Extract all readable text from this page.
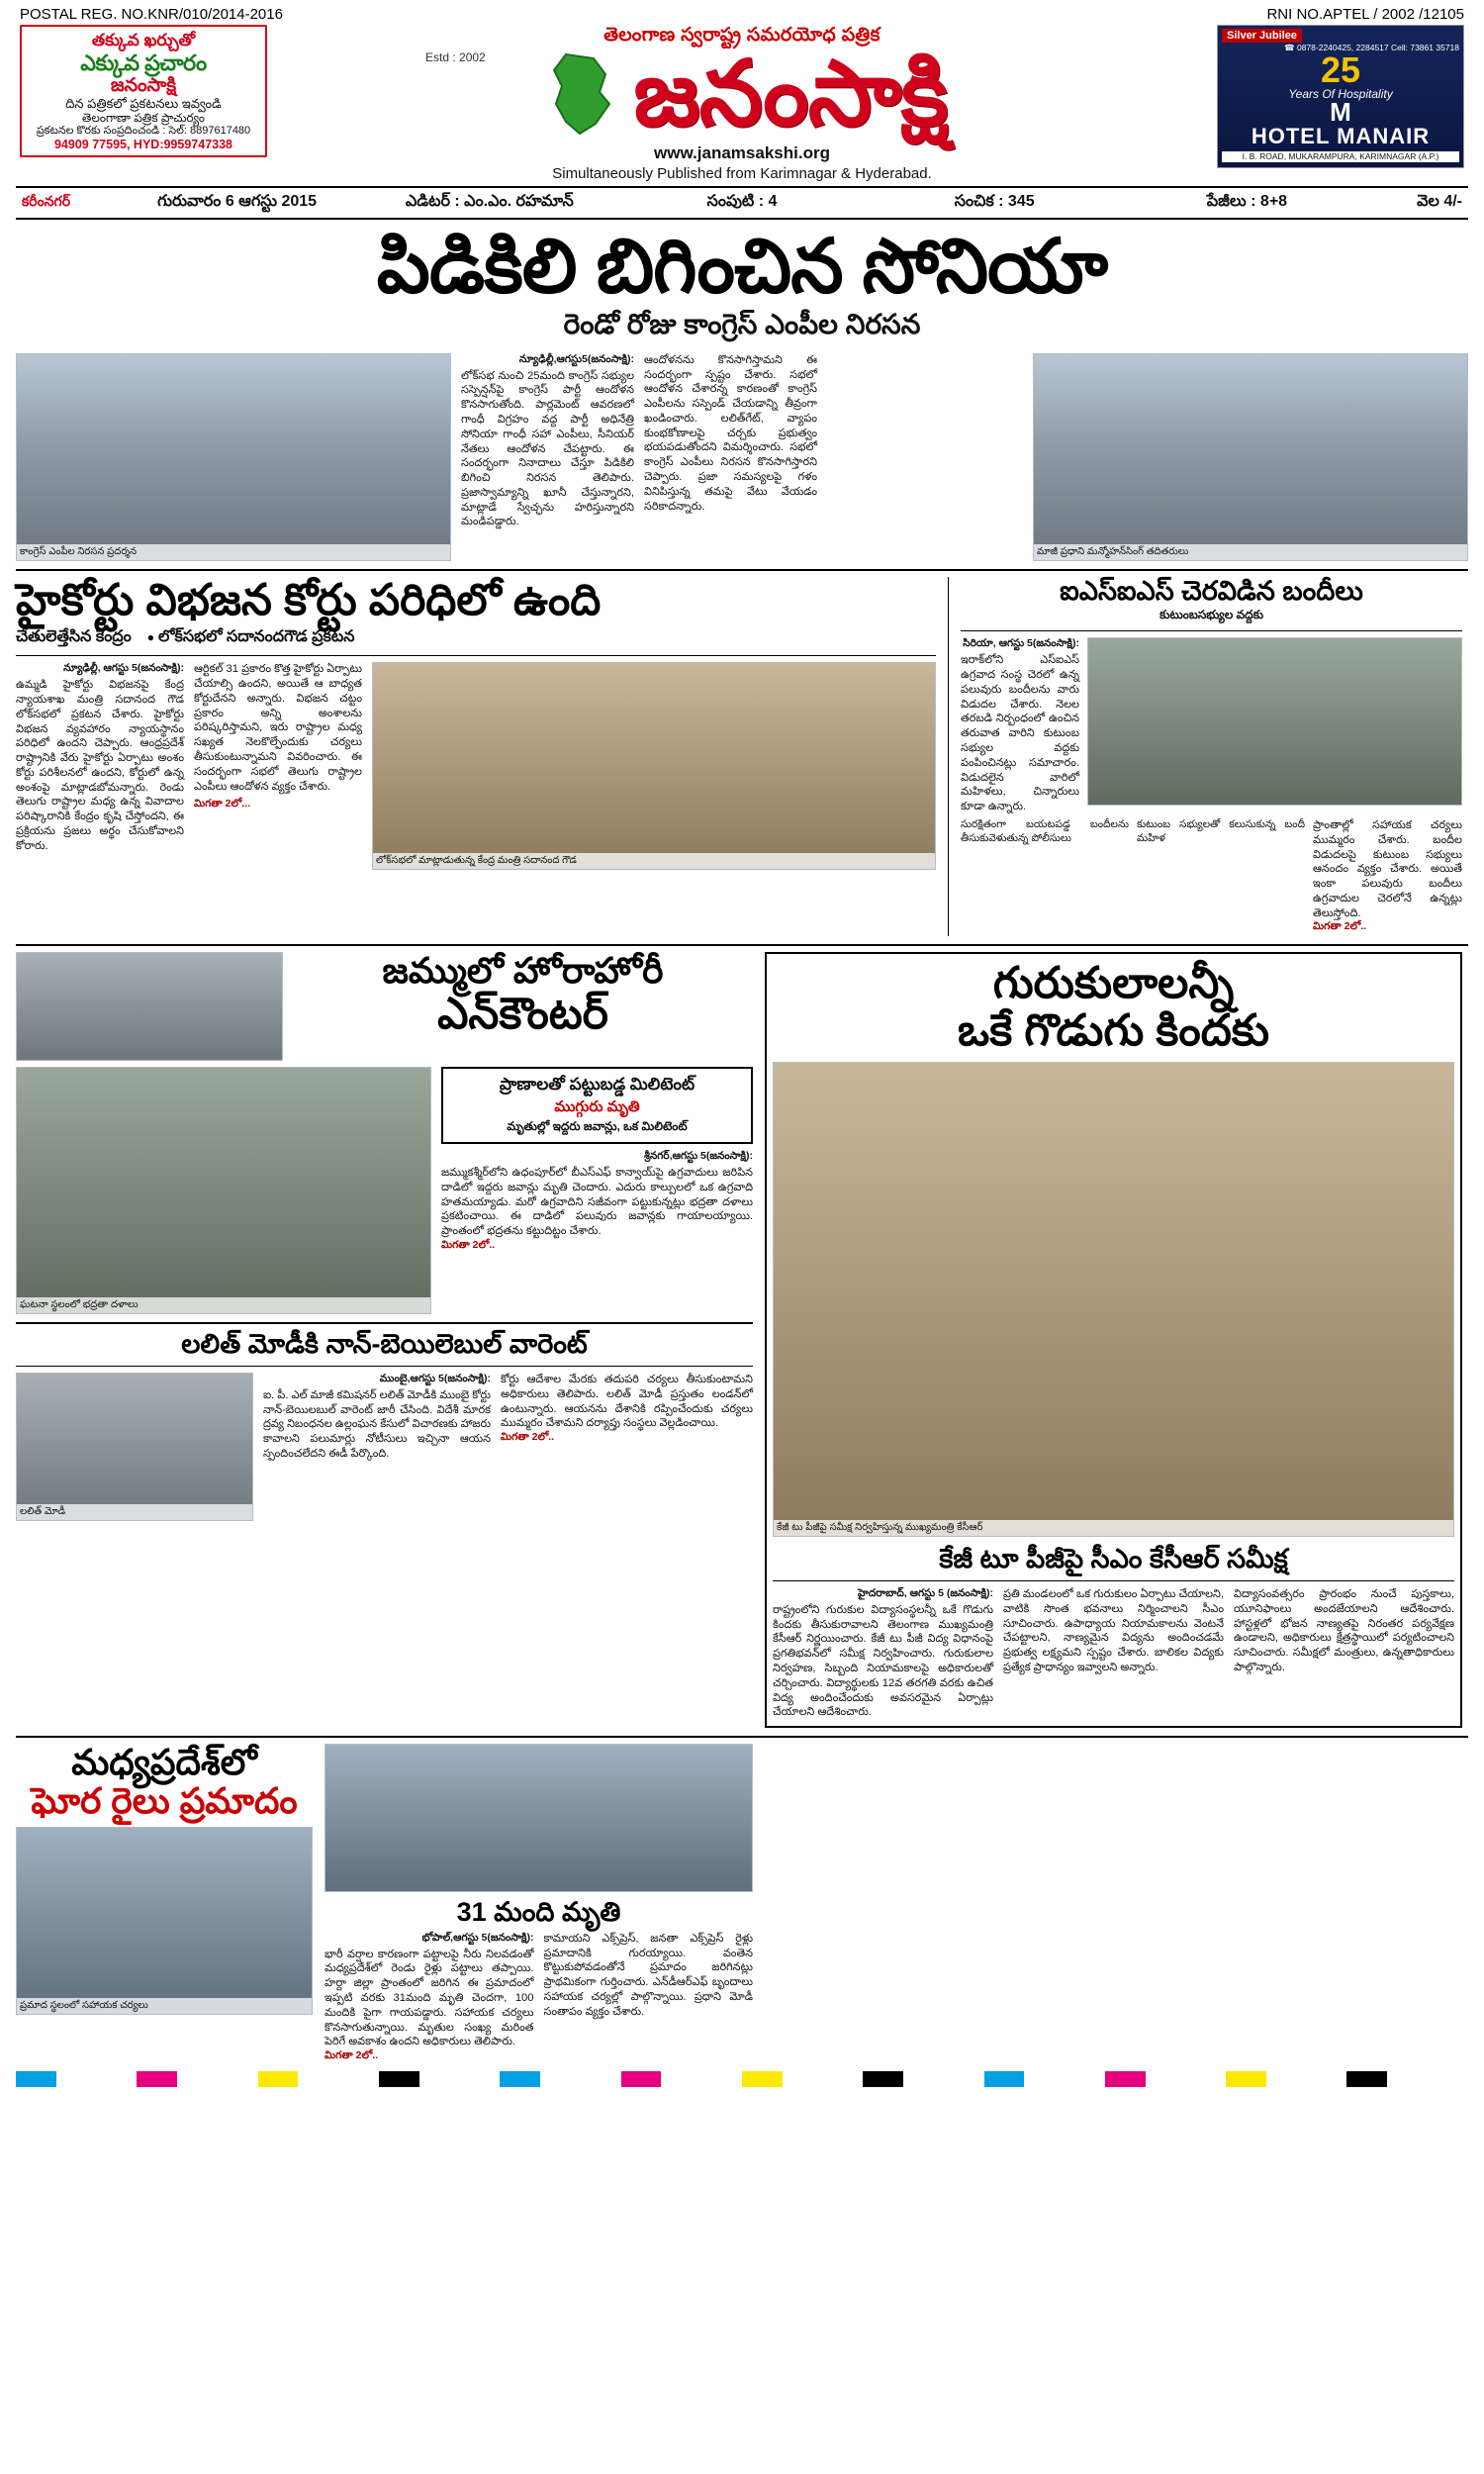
POSTAL REG. NO.KNR/010/2014-2016	RNI NO.APTEL / 2002 /12105
తక్కువ ఖర్చుతో
ఎక్కువ ప్రచారం
జనంసాక్షి
దిన పత్రికలో ప్రకటనలు ఇవ్వండి
తెలంగాణా పత్రిక ప్రాచుర్యం
ప్రకటనల కొరకు సంప్రదించండి : సెల్: 8897617480
94909 77595, HYD:9959747338
తెలంగాణ స్వరాష్ట్ర సమరయోధ పత్రిక
Estd : 2002 జనంసాక్షి
www.janamsakshi.org
Simultaneously Published from Karimnagar & Hyderabad.
Silver Jubilee
☎ 0878-2240425, 2284517 Cell: 73861 35718
25
Years Of Hospitality
M
HOTEL MANAIR
I. B. ROAD, MUKARAMPURA, KARIMNAGAR (A.P.)
కరీంనగర్	గురువారం 6 ఆగస్టు 2015	ఎడిటర్ : ఎం.ఎం. రహమాన్	సంపుటి : 4	సంచిక : 345	పేజీలు : 8+8	వెల 4/-
పిడికిలి బిగించిన సోనియా
రెండో రోజు కాంగ్రెస్‌ ఎంపీల నిరసన
కాంగ్రెస్‌ ఎంపీల నిరసన ప్రదర్శన
న్యూఢిల్లీ,ఆగస్టు5(జనంసాక్షి):
లోక్‌సభ నుంచి 25మంది కాంగ్రెస్‌ సభ్యుల సస్పెన్షన్‌పై కాంగ్రెస్‌ పార్టీ ఆందోళన కొనసాగుతోంది. పార్లమెంట్‌ ఆవరణలో గాంధీ విగ్రహం వద్ద పార్టీ అధినేత్రి సోనియా గాంధీ సహా ఎంపీలు, సీనియర్‌ నేతలు ఆందోళన చేపట్టారు. ఈ సందర్భంగా నినాదాలు చేస్తూ పిడికిలి బిగించి నిరసన తెలిపారు. ప్రజాస్వామ్యాన్ని ఖూనీ చేస్తున్నారని, మాట్లాడే స్వేచ్ఛను హరిస్తున్నారని మండిపడ్డారు.
ఆందోళనను కొనసాగిస్తామని ఈ సందర్భంగా స్పష్టం చేశారు. సభలో ఆందోళన చేశారన్న కారణంతో కాంగ్రెస్‌ ఎంపీలను సస్పెండ్‌ చేయడాన్ని తీవ్రంగా ఖండించారు. లలిత్‌గేట్‌, వ్యాపం కుంభకోణాలపై చర్చకు ప్రభుత్వం భయపడుతోందని విమర్శించారు. సభలో కాంగ్రెస్‌ ఎంపీలు నిరసన కొనసాగిస్తారని చెప్పారు. ప్రజా సమస్యలపై గళం వినిపిస్తున్న తమపై వేటు వేయడం సరికాదన్నారు.
మాజీ ప్రధాని మన్మోహన్‌సింగ్‌ తదితరులు
హైకోర్టు విభజన కోర్టు పరిధిలో ఉంది
చేతులెత్తేసిన కేంద్రం	● లోక్‌సభలో సదానందగౌడ ప్రకటన
న్యూఢిల్లీ, ఆగస్టు 5(జనంసాక్షి):
ఉమ్మడి హైకోర్టు విభజనపై కేంద్ర న్యాయశాఖ మంత్రి సదానంద గౌడ లోక్‌సభలో ప్రకటన చేశారు. హైకోర్టు విభజన వ్యవహారం న్యాయస్థానం పరిధిలో ఉందని చెప్పారు. ఆంధ్రప్రదేశ్‌ రాష్ట్రానికి వేరు హైకోర్టు ఏర్పాటు అంశం కోర్టు పరిశీలనలో ఉందని, కోర్టులో ఉన్న అంశంపై మాట్లాడబోమన్నారు. రెండు తెలుగు రాష్ట్రాల మధ్య ఉన్న వివాదాల పరిష్కారానికి కేంద్రం కృషి చేస్తోందని, ఈ ప్రక్రియను ప్రజలు అర్థం చేసుకోవాలని కోరారు.
ఆర్టికల్‌ 31 ప్రకారం కొత్త హైకోర్టు ఏర్పాటు చేయాల్సి ఉందని, అయితే ఆ బాధ్యత కోర్టుదేనని అన్నారు. విభజన చట్టం ప్రకారం అన్ని అంశాలను పరిష్కరిస్తామని, ఇరు రాష్ట్రాల మధ్య సఖ్యత నెలకొల్పేందుకు చర్యలు తీసుకుంటున్నామని వివరించారు. ఈ సందర్భంగా సభలో తెలుగు రాష్ట్రాల ఎంపీలు ఆందోళన వ్యక్తం చేశారు.
మిగతా 2లో...
లోక్‌సభలో మాట్లాడుతున్న కేంద్ర మంత్రి సదానంద గౌడ
ఐఎస్‌ఐఎస్‌ చెరవిడిన బందీలు
కుటుంబసభ్యుల వద్దకు
సిరియా, ఆగస్టు 5(జనంసాక్షి):
ఇరాక్‌లోని ఎస్‌ఐఎస్‌ ఉగ్రవాద సంస్థ చెరలో ఉన్న పలువురు బందీలను వారు విడుదల చేశారు. నెలల తరబడి నిర్బంధంలో ఉంచిన తరువాత వారిని కుటుంబ సభ్యుల వద్దకు పంపించినట్లు సమాచారం. విడుదలైన వారిలో మహిళలు, చిన్నారులు కూడా ఉన్నారు.
సురక్షితంగా బయటపడ్డ బందీలను తీసుకువెళుతున్న పోలీసులు
కుటుంబ సభ్యులతో కలుసుకున్న బందీ మహిళ
ప్రాంతాల్లో సహాయక చర్యలు ముమ్మరం చేశారు. బందీల విడుదలపై కుటుంబ సభ్యులు ఆనందం వ్యక్తం చేశారు. అయితే ఇంకా పలువురు బందీలు ఉగ్రవాదుల చెరలోనే ఉన్నట్లు తెలుస్తోంది.
మిగతా 2లో..
జమ్ములో హోరాహోరీ
ఎన్‌కౌంటర్‌
ఘటనా స్థలంలో భద్రతా దళాలు
ప్రాణాలతో పట్టుబడ్డ మిలిటెంట్‌
ముగ్గురు మృతి
మృతుల్లో ఇద్దరు జవాన్లు, ఒక మిలిటెంట్‌
శ్రీనగర్‌,ఆగస్టు 5(జనంసాక్షి):
జమ్ముకశ్మీర్‌లోని ఉధంపూర్‌లో బీఎస్‌ఎఫ్‌ కాన్వాయ్‌పై ఉగ్రవాదులు జరిపిన దాడిలో ఇద్దరు జవాన్లు మృతి చెందారు. ఎదురు కాల్పులలో ఒక ఉగ్రవాది హతమయ్యాడు. మరో ఉగ్రవాదిని సజీవంగా పట్టుకున్నట్లు భద్రతా దళాలు ప్రకటించాయి. ఈ దాడిలో పలువురు జవాన్లకు గాయాలయ్యాయి. ప్రాంతంలో భద్రతను కట్టుదిట్టం చేశారు.
మిగతా 2లో..
లలిత్‌ మోడీకి నాన్‌-బెయిలెబుల్‌ వారెంట్‌
లలిత్‌ మోడీ
ముంబై,ఆగస్టు 5(జనంసాక్షి):
ఐ. పీ. ఎల్‌ మాజీ కమిషనర్‌ లలిత్‌ మోడీకి ముంబై కోర్టు నాన్‌-బెయిలబుల్‌ వారెంట్‌ జారీ చేసింది. విదేశీ మారక ద్రవ్య నిబంధనల ఉల్లంఘన కేసులో విచారణకు హాజరు కావాలని పలుమార్లు నోటీసులు ఇచ్చినా ఆయన స్పందించలేదని ఈడీ పేర్కొంది.
కోర్టు ఆదేశాల మేరకు తదుపరి చర్యలు తీసుకుంటామని అధికారులు తెలిపారు. లలిత్‌ మోడీ ప్రస్తుతం లండన్‌లో ఉంటున్నారు. ఆయనను దేశానికి రప్పించేందుకు చర్యలు ముమ్మరం చేశామని దర్యాప్తు సంస్థలు వెల్లడించాయి.
మిగతా 2లో..
గురుకులాలన్నీ
ఒకే గొడుగు కిందకు
కేజీ టు పీజీపై సమీక్ష నిర్వహిస్తున్న ముఖ్యమంత్రి కేసీఆర్‌
కేజీ టూ పీజీపై సీఎం కేసీఆర్‌ సమీక్ష
హైదరాబాద్‌, ఆగస్టు 5 (జనంసాక్షి):
రాష్ట్రంలోని గురుకుల విద్యాసంస్థలన్నీ ఒకే గొడుగు కిందకు తీసుకురావాలని తెలంగాణ ముఖ్యమంత్రి కేసీఆర్‌ నిర్ణయించారు. కేజీ టు పీజీ విద్య విధానంపై ప్రగతిభవన్‌లో సమీక్ష నిర్వహించారు. గురుకులాల నిర్వహణ, సిబ్బంది నియామకాలపై అధికారులతో చర్చించారు. విద్యార్థులకు 12వ తరగతి వరకు ఉచిత విద్య అందించేందుకు అవసరమైన ఏర్పాట్లు చేయాలని ఆదేశించారు.
ప్రతి మండలంలో ఒక గురుకులం ఏర్పాటు చేయాలని, వాటికి సొంత భవనాలు నిర్మించాలని సీఎం సూచించారు. ఉపాధ్యాయ నియామకాలను వెంటనే చేపట్టాలని, నాణ్యమైన విద్యను అందించడమే ప్రభుత్వ లక్ష్యమని స్పష్టం చేశారు. బాలికల విద్యకు ప్రత్యేక ప్రాధాన్యం ఇవ్వాలని అన్నారు.
విద్యాసంవత్సరం ప్రారంభం నుంచే పుస్తకాలు, యూనిఫాంలు అందజేయాలని ఆదేశించారు. హాస్టళ్లలో భోజన నాణ్యతపై నిరంతర పర్యవేక్షణ ఉండాలని, అధికారులు క్షేత్రస్థాయిలో పర్యటించాలని సూచించారు. సమీక్షలో మంత్రులు, ఉన్నతాధికారులు పాల్గొన్నారు.
మధ్యప్రదేశ్‌లో
ఘోర రైలు ప్రమాదం
ప్రమాద స్థలంలో సహాయక చర్యలు
31 మంది మృతి
భోపాల్‌,ఆగస్టు 5(జనంసాక్షి):
భారీ వర్షాల కారణంగా పట్టాలపై నీరు నిలవడంతో మధ్యప్రదేశ్‌లో రెండు రైళ్లు పట్టాలు తప్పాయి. హర్దా జిల్లా ప్రాంతంలో జరిగిన ఈ ప్రమాదంలో ఇప్పటి వరకు 31మంది మృతి చెందగా, 100 మందికి పైగా గాయపడ్డారు. సహాయక చర్యలు కొనసాగుతున్నాయి. మృతుల సంఖ్య మరింత పెరిగే అవకాశం ఉందని అధికారులు తెలిపారు.
మిగతా 2లో..
కామాయని ఎక్స్‌ప్రెస్‌, జనతా ఎక్స్‌ప్రెస్‌ రైళ్లు ప్రమాదానికి గురయ్యాయి. వంతెన కొట్టుకుపోవడంతోనే ప్రమాదం జరిగినట్లు ప్రాథమికంగా గుర్తించారు. ఎన్‌డీఆర్‌ఎఫ్‌ బృందాలు సహాయక చర్యల్లో పాల్గొన్నాయి. ప్రధాని మోడీ సంతాపం వ్యక్తం చేశారు.
